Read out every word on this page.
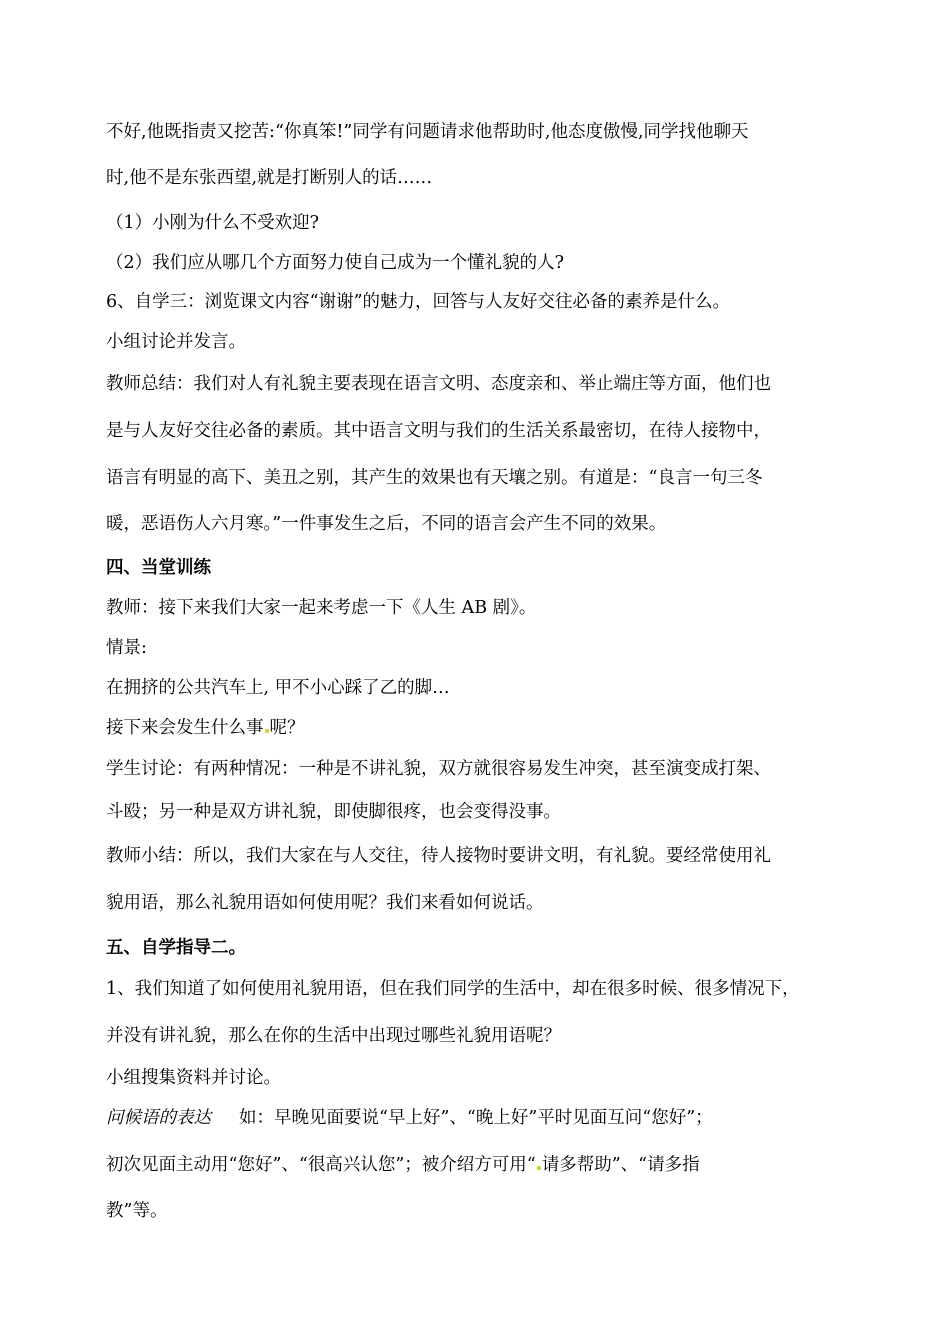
不好,他既指责又挖苦:“你真笨!”同学有问题请求他帮助时,他态度傲慢,同学找他聊天
时,他不是东张西望,就是打断别人的话……
（1）小刚为什么不受欢迎?
（2）我们应从哪几个方面努力使自己成为一个懂礼貌的人?
6、自学三：浏览课文内容“谢谢”的魅力，回答与人友好交往必备的素养是什么。
小组讨论并发言。
教师总结：我们对人有礼貌主要表现在语言文明、态度亲和、举止端庄等方面，他们也
是与人友好交往必备的素质。其中语言文明与我们的生活关系最密切，在待人接物中，
语言有明显的高下、美丑之别，其产生的效果也有天壤之别。有道是：“良言一句三冬
暖，恶语伤人六月寒。”一件事发生之后，不同的语言会产生不同的效果。
四、当堂训练
教师：接下来我们大家一起来考虑一下《人生 AB 剧》。
情景:
在拥挤的公共汽车上, 甲不小心踩了乙的脚…
接下来会发生什么事 呢？
学生讨论：有两种情况：一种是不讲礼貌，双方就很容易发生冲突，甚至演变成打架、
斗殴；另一种是双方讲礼貌，即使脚很疼，也会变得没事。
教师小结：所以，我们大家在与人交往，待人接物时要讲文明，有礼貌。要经常使用礼
貌用语，那么礼貌用语如何使用呢？我们来看如何说话。
五、自学指导二。
1、我们知道了如何使用礼貌用语，但在我们同学的生活中，却在很多时候、很多情况下，
并没有讲礼貌，那么在你的生活中出现过哪些礼貌用语呢？
小组搜集资料并讨论。
问候语的表达 如：早晚见面要说“早上好”、“晚上好”平时见面互问“您好”；
初次见面主动用“您好”、“很高兴认您”；被介绍方可用“ 请多帮助”、“请多指
教”等。
